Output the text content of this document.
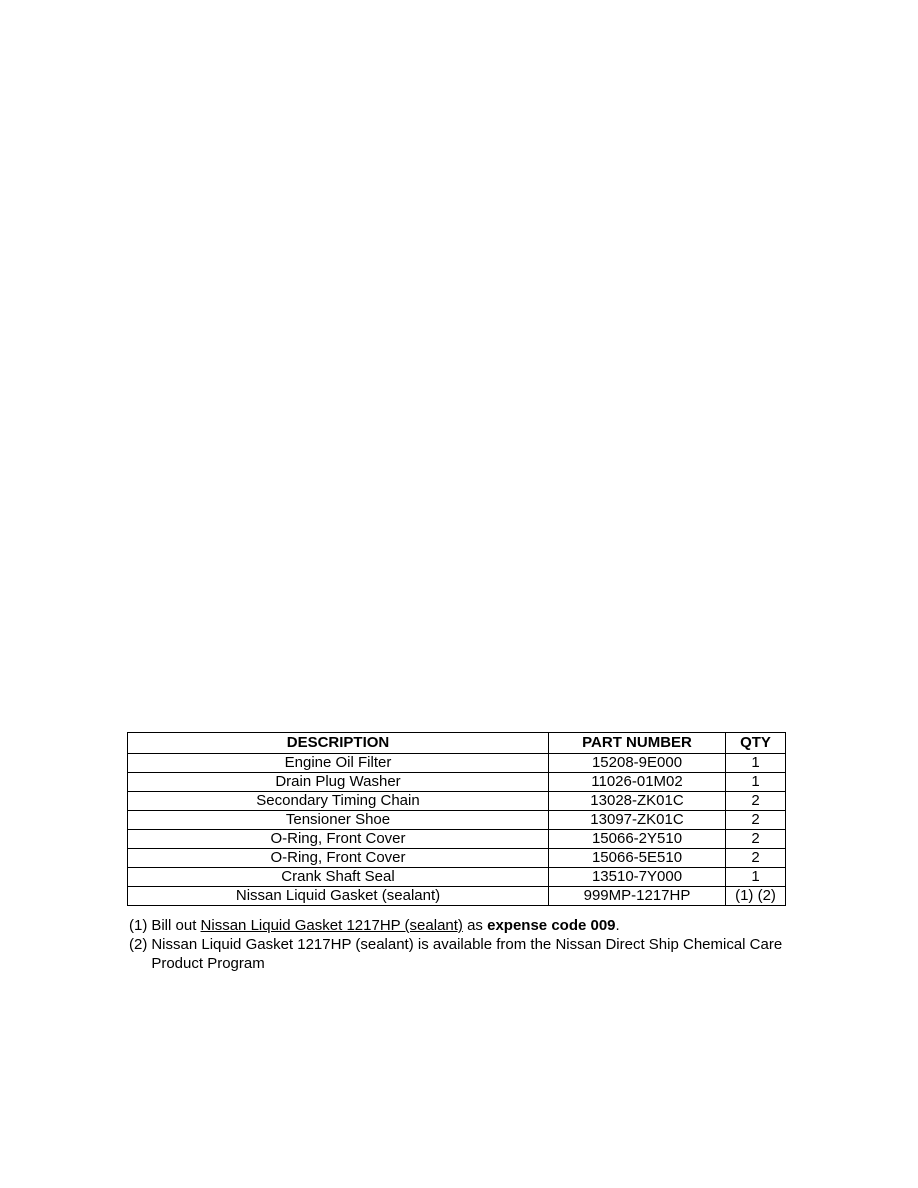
DESCRIPTION	PART NUMBER	QTY
Engine Oil Filter	15208-9E000	1
Drain Plug Washer	11026-01M02	1
Secondary Timing Chain	13028-ZK01C	2
Tensioner Shoe	13097-ZK01C	2
O-Ring, Front Cover	15066-2Y510	2
O-Ring, Front Cover	15066-5E510	2
Crank Shaft Seal	13510-7Y000	1
Nissan Liquid Gasket (sealant)	999MP-1217HP	(1) (2)
(1) Bill out Nissan Liquid Gasket 1217HP (sealant) as expense code 009.
(2) Nissan Liquid Gasket 1217HP (sealant) is available from the Nissan Direct Ship Chemical Care Product Program
